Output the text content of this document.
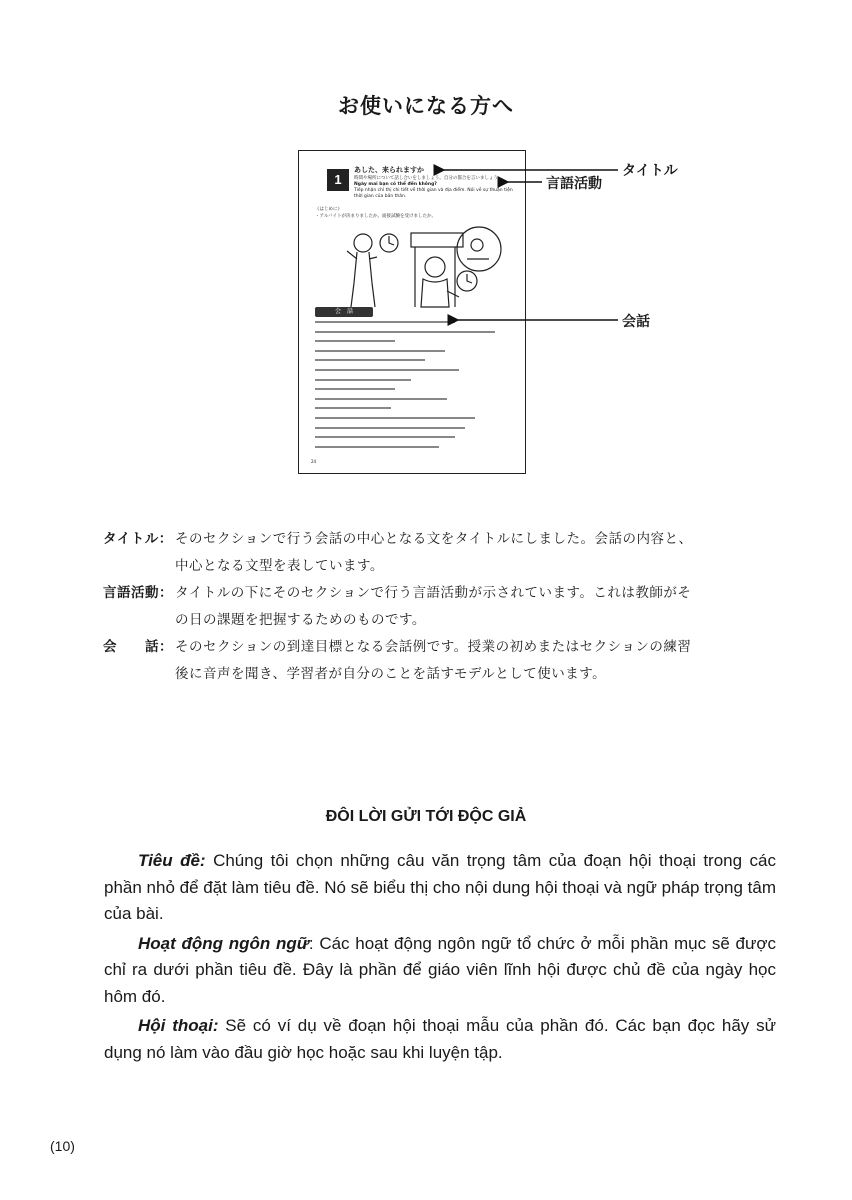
お使いになる方へ
1
あした、来られますか
時間や場所について話し合いをしましょう。自分の都合を言いましょう。
Ngày mai bạn có thể đến không?
Tiếp nhận chỉ thị chi tiết về thời gian và địa điểm. Nói về sự thuận tiện
thời gian của bản thân.
《はじめに》
・アルバイトが決まりましたか。面接試験を受けましたか。
会　話
24
タイトル
言語活動
会話
タイトル： そのセクションで行う会話の中心となる文をタイトルにしました。会話の内容と、
中心となる文型を表しています。
言語活動： タイトルの下にそのセクションで行う言語活動が示されています。これは教師がそ
の日の課題を把握するためのものです。
会　　話： そのセクションの到達目標となる会話例です。授業の初めまたはセクションの練習
後に音声を聞き、学習者が自分のことを話すモデルとして使います。
ĐÔI LỜI GỬI TỚI ĐỘC GIẢ

Tiêu đề: Chúng tôi chọn những câu văn trọng tâm của đoạn hội thoại trong các phần nhỏ để đặt làm tiêu đề. Nó sẽ biểu thị cho nội dung hội thoại và ngữ pháp trọng tâm của bài.

Hoạt động ngôn ngữ: Các hoạt động ngôn ngữ tổ chức ở mỗi phần mục sẽ được chỉ ra dưới phần tiêu đề. Đây là phần để giáo viên lĩnh hội được chủ đề của ngày học hôm đó.

Hội thoại: Sẽ có ví dụ về đoạn hội thoại mẫu của phần đó. Các bạn đọc hãy sử dụng nó làm vào đầu giờ học hoặc sau khi luyện tập.

(10)
